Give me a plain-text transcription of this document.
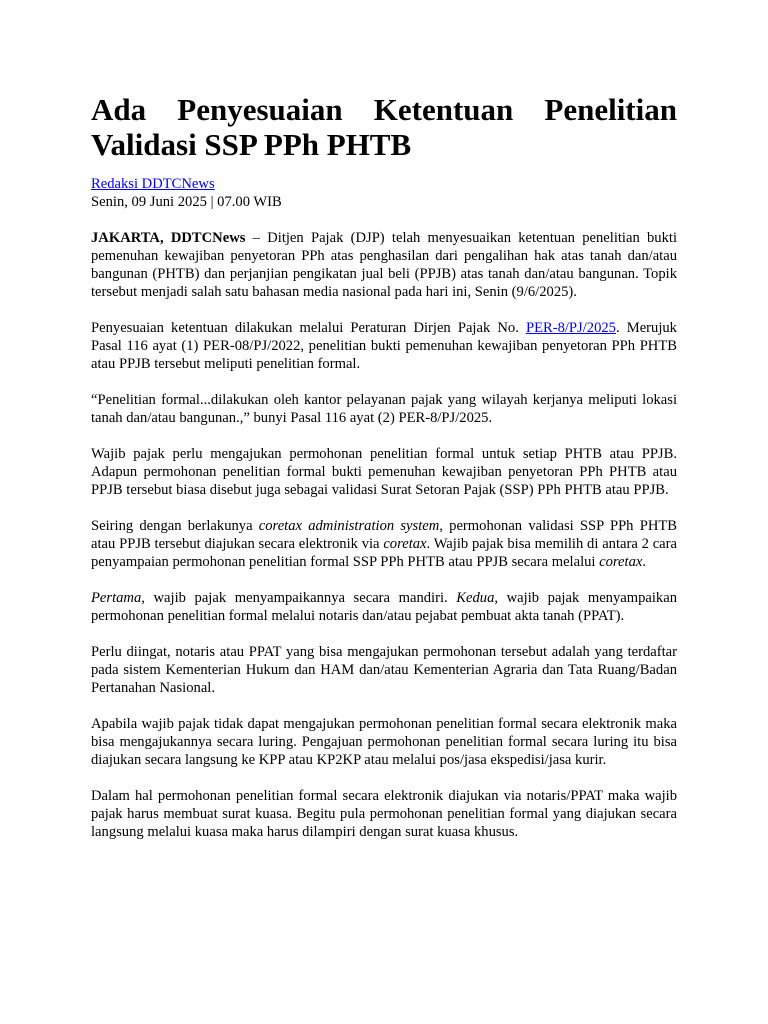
Ada Penyesuaian Ketentuan Penelitian Validasi SSP PPh PHTB
Redaksi DDTCNews
Senin, 09 Juni 2025 | 07.00 WIB

JAKARTA, DDTCNews – Ditjen Pajak (DJP) telah menyesuaikan ketentuan penelitian bukti pemenuhan kewajiban penyetoran PPh atas penghasilan dari pengalihan hak atas tanah dan/atau bangunan (PHTB) dan perjanjian pengikatan jual beli (PPJB) atas tanah dan/atau bangunan. Topik tersebut menjadi salah satu bahasan media nasional pada hari ini, Senin (9/6/2025).

Penyesuaian ketentuan dilakukan melalui Peraturan Dirjen Pajak No. PER-8/PJ/2025. Merujuk Pasal 116 ayat (1) PER-08/PJ/2022, penelitian bukti pemenuhan kewajiban penyetoran PPh PHTB atau PPJB tersebut meliputi penelitian formal.

“Penelitian formal...dilakukan oleh kantor pelayanan pajak yang wilayah kerjanya meliputi lokasi tanah dan/atau bangunan.,” bunyi Pasal 116 ayat (2) PER-8/PJ/2025.

Wajib pajak perlu mengajukan permohonan penelitian formal untuk setiap PHTB atau PPJB. Adapun permohonan penelitian formal bukti pemenuhan kewajiban penyetoran PPh PHTB atau PPJB tersebut biasa disebut juga sebagai validasi Surat Setoran Pajak (SSP) PPh PHTB atau PPJB.

Seiring dengan berlakunya coretax administration system, permohonan validasi SSP PPh PHTB atau PPJB tersebut diajukan secara elektronik via coretax. Wajib pajak bisa memilih di antara 2 cara penyampaian permohonan penelitian formal SSP PPh PHTB atau PPJB secara melalui coretax.

Pertama, wajib pajak menyampaikannya secara mandiri. Kedua, wajib pajak menyampaikan permohonan penelitian formal melalui notaris dan/atau pejabat pembuat akta tanah (PPAT).

Perlu diingat, notaris atau PPAT yang bisa mengajukan permohonan tersebut adalah yang terdaftar pada sistem Kementerian Hukum dan HAM dan/atau Kementerian Agraria dan Tata Ruang/Badan Pertanahan Nasional.

Apabila wajib pajak tidak dapat mengajukan permohonan penelitian formal secara elektronik maka bisa mengajukannya secara luring. Pengajuan permohonan penelitian formal secara luring itu bisa diajukan secara langsung ke KPP atau KP2KP atau melalui pos/jasa ekspedisi/jasa kurir.

Dalam hal permohonan penelitian formal secara elektronik diajukan via notaris/PPAT maka wajib pajak harus membuat surat kuasa. Begitu pula permohonan penelitian formal yang diajukan secara langsung melalui kuasa maka harus dilampiri dengan surat kuasa khusus.
